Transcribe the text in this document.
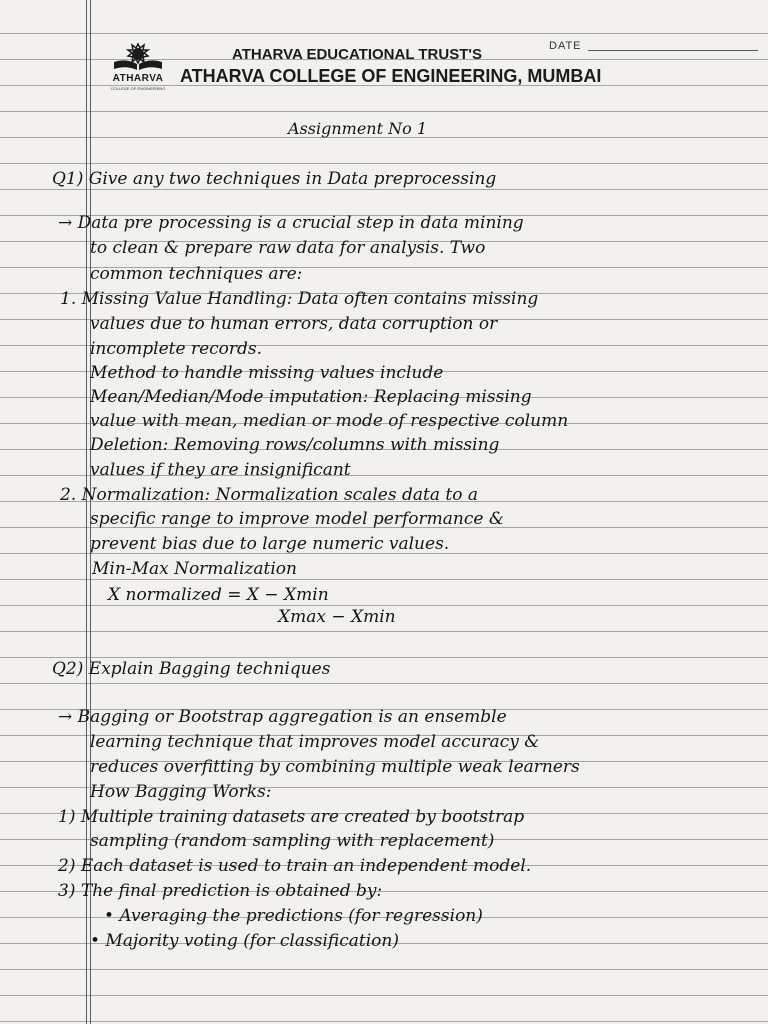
ATHARVA
COLLEGE OF ENGINEERING
ATHARVA EDUCATIONAL TRUST'S
ATHARVA COLLEGE OF ENGINEERING, MUMBAI
DATE
Assignment No 1
Q1) Give any two techniques in Data preprocessing
→ Data pre processing is a crucial step in data mining
to clean & prepare raw data for analysis. Two
common techniques are:
1. Missing Value Handling: Data often contains missing
values due to human errors, data corruption or
incomplete records.
Method to handle missing values include
Mean/Median/Mode imputation: Replacing missing
value with mean, median or mode of respective column
Deletion: Removing rows/columns with missing
values if they are insignificant
2. Normalization: Normalization scales data to a
specific range to improve model performance &
prevent bias due to large numeric values.
Min-Max Normalization
X normalized = X − Xmin
Xmax − Xmin
Q2) Explain Bagging techniques
→ Bagging or Bootstrap aggregation is an ensemble
learning technique that improves model accuracy &
reduces overfitting by combining multiple weak learners
How Bagging Works:
1) Multiple training datasets are created by bootstrap
sampling (random sampling with replacement)
2) Each dataset is used to train an independent model.
3) The final prediction is obtained by:
• Averaging the predictions (for regression)
• Majority voting (for classification)
